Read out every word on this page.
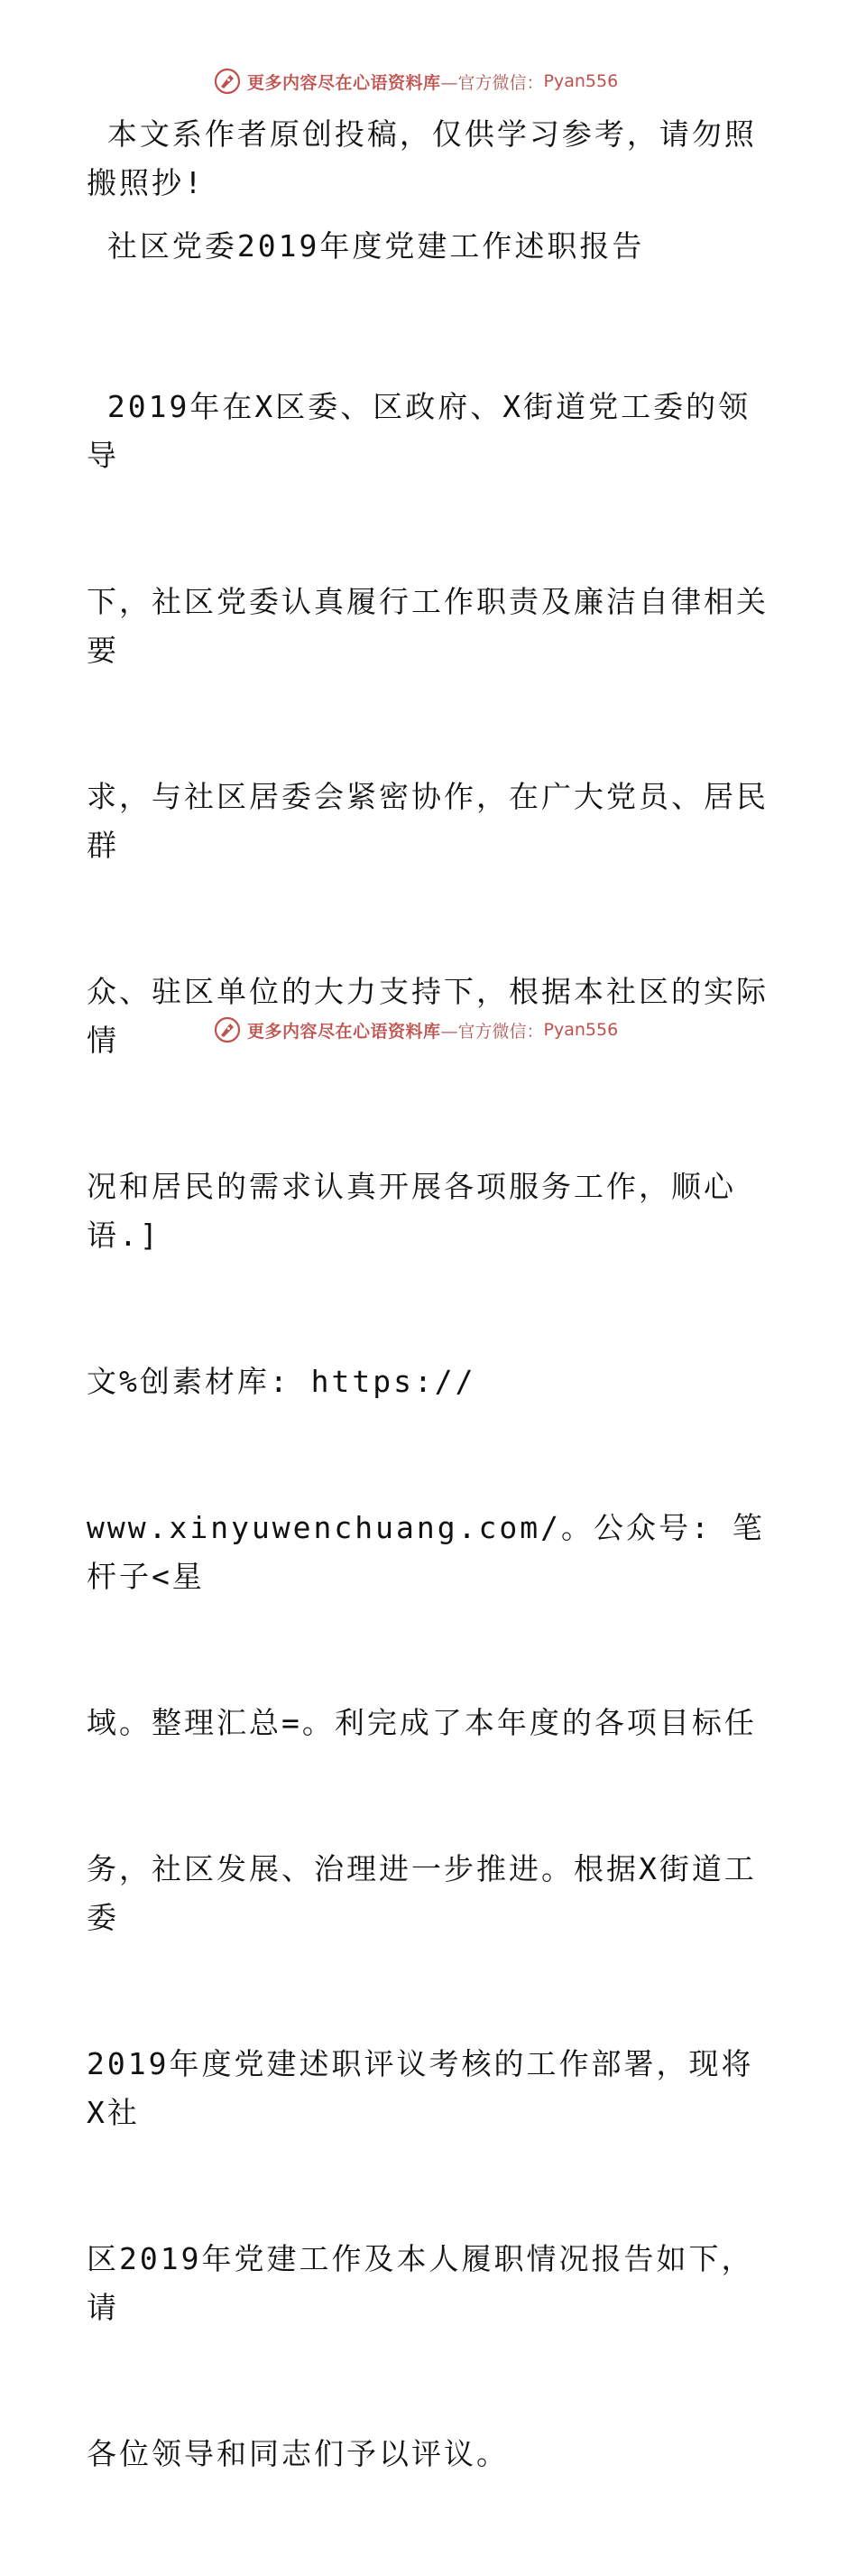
更多内容尽在心语资料库 —官方微信： Pyan556

本文系作者原创投稿，仅供学习参考，请勿照搬照抄!

社区党委2019年度党建工作述职报告

2019年在X区委、区政府、X街道党工委的领导

下，社区党委认真履行工作职责及廉洁自律相关要

求，与社区居委会紧密协作，在广大党员、居民群

众、驻区单位的大力支持下，根据本社区的实际情

况和居民的需求认真开展各项服务工作，顺心语.]

文%创素材库: https://

www.xinyuwenchuang.com/。公众号: 笔杆子<星

域。整理汇总=。利完成了本年度的各项目标任

务，社区发展、治理进一步推进。根据X街道工委

2019年度党建述职评议考核的工作部署，现将X社

区2019年党建工作及本人履职情况报告如下，请

各位领导和同志们予以评议。

更多内容尽在心语资料库 —官方微信： Pyan556
